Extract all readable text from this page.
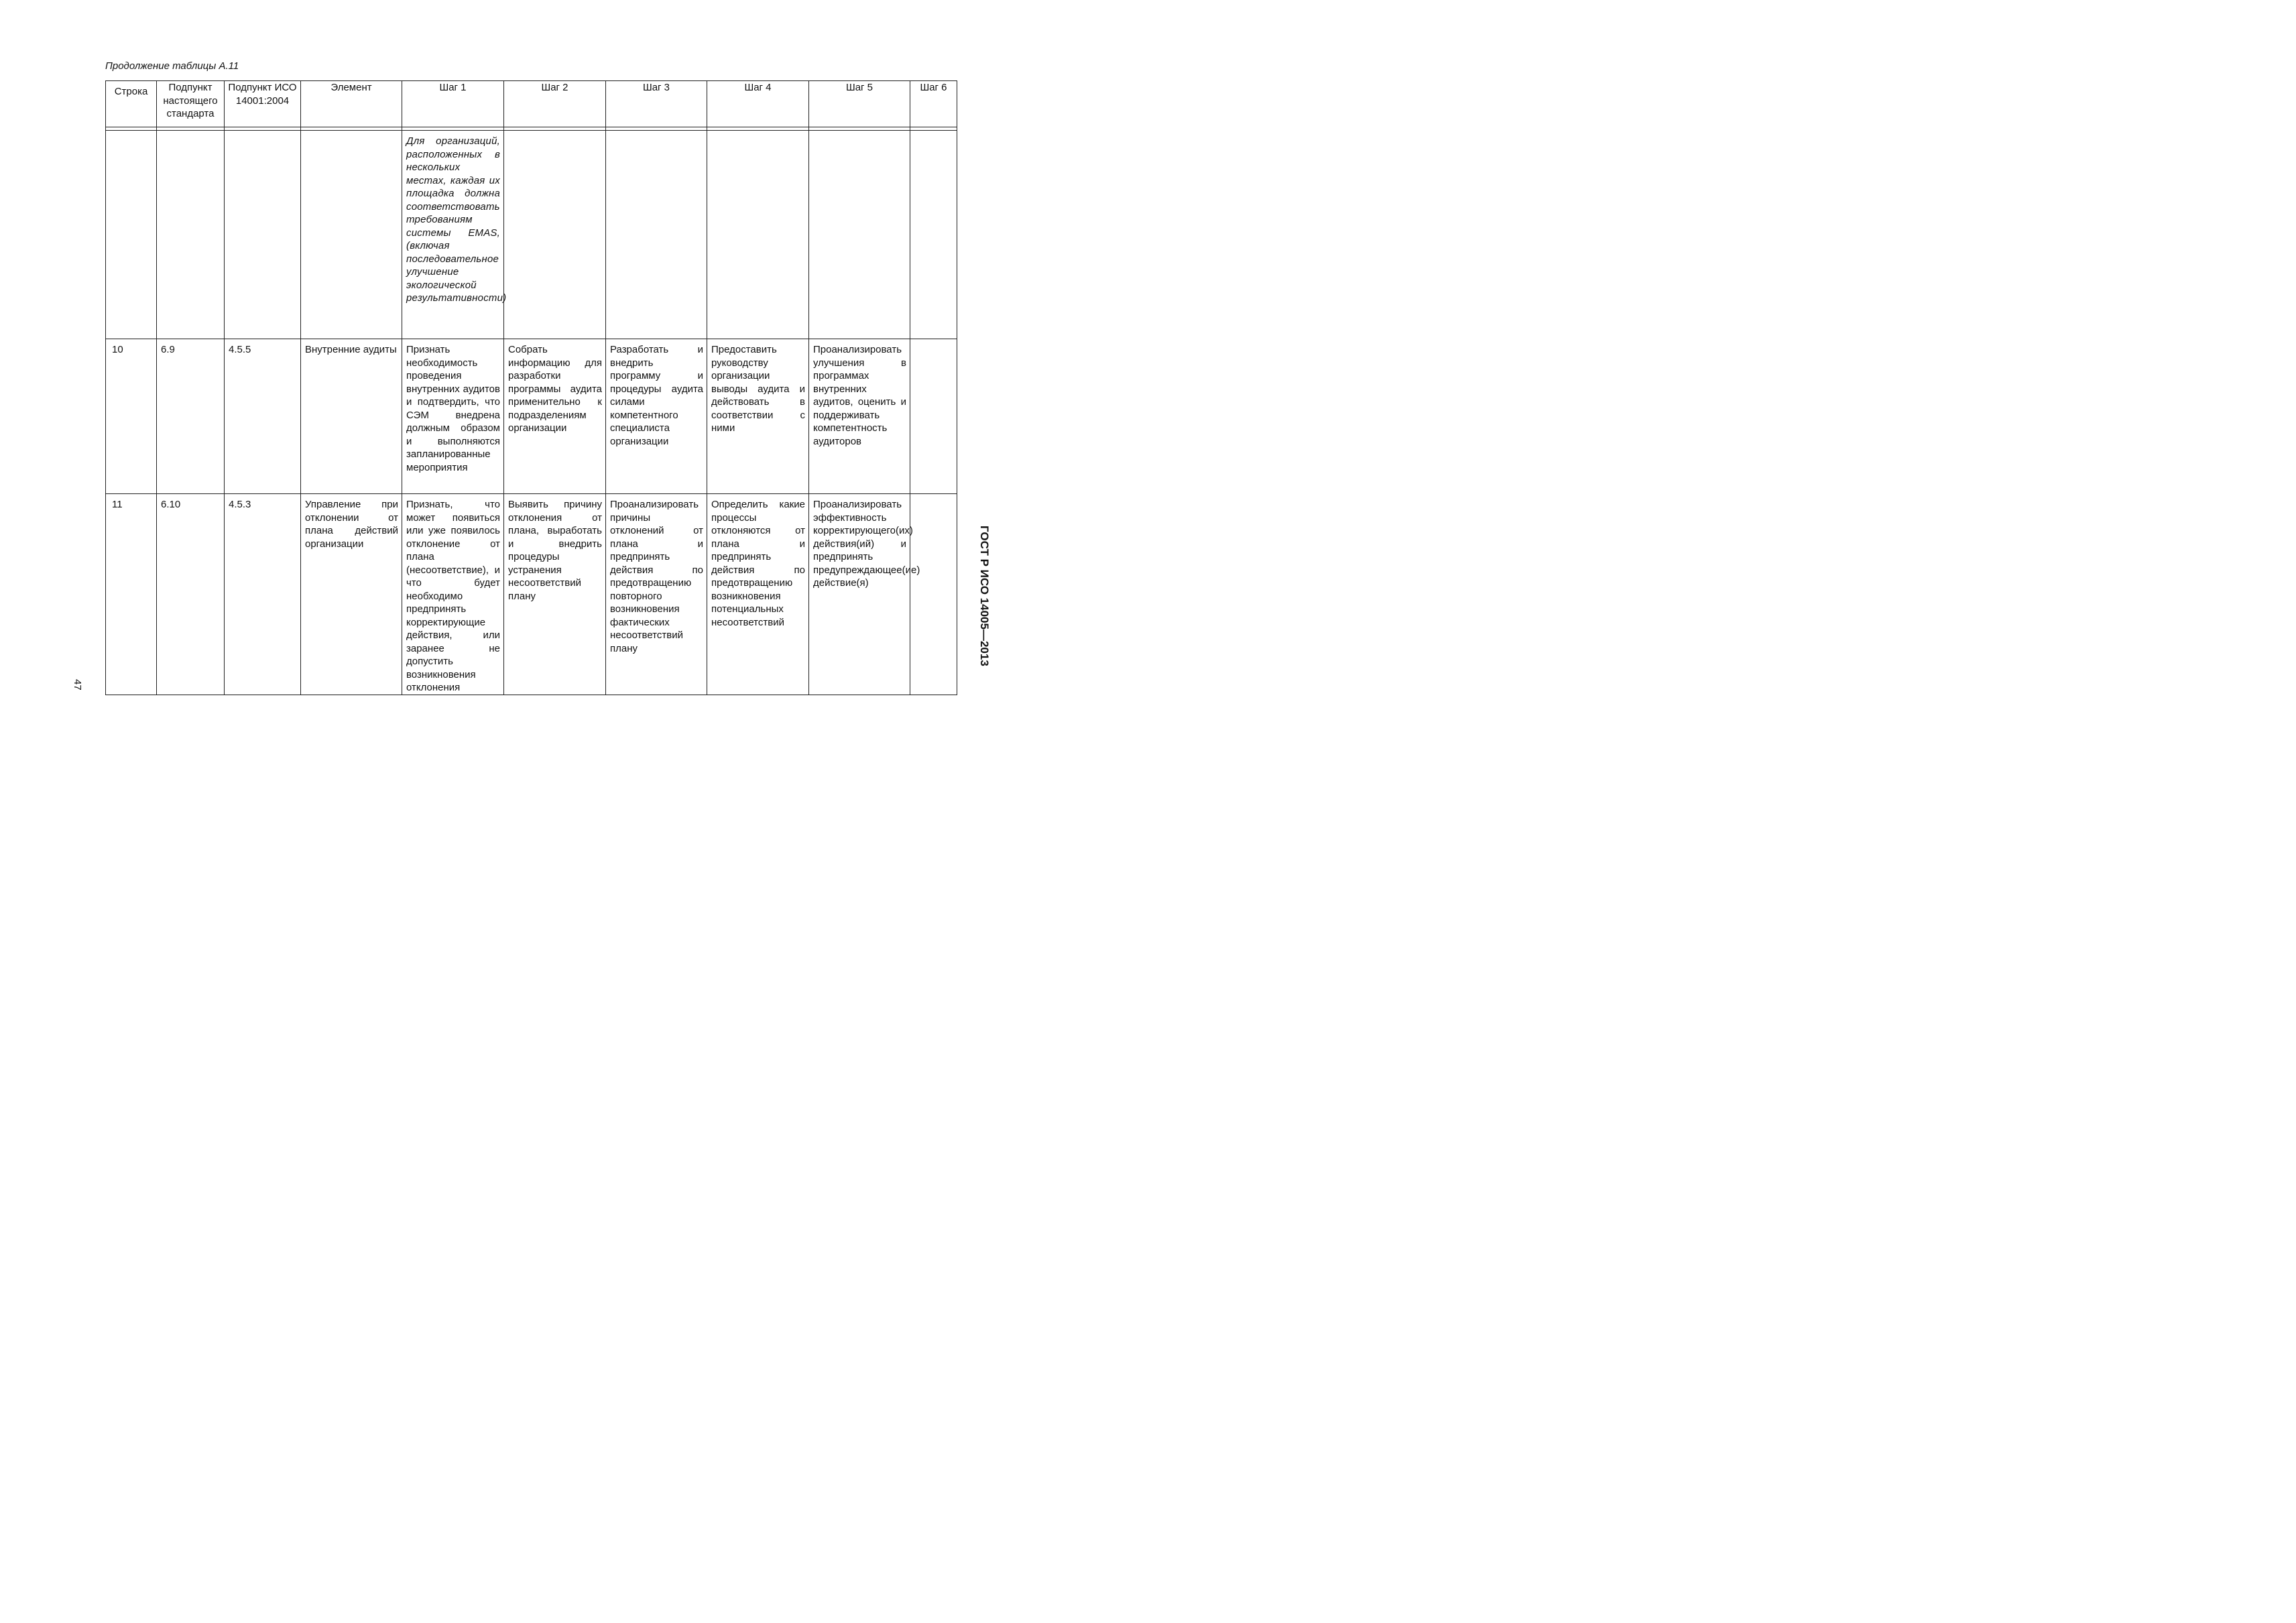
Продолжение таблицы А.11
Строка	Подпункт настоящего стандарта	Подпункт ИСО 14001:2004	Элемент	Шаг 1	Шаг 2	Шаг 3	Шаг 4	Шаг 5	Шаг 6

				Для организаций, расположенных в нескольких местах, каждая их площадка должна соответствовать требованиям системы EMAS, (включая последовательное улучшение экологической результативности)					

10	6.9	4.5.5	Внутренние аудиты	Признать необходимость проведения внутренних аудитов и подтвердить, что СЭМ внедрена должным образом и выполняются запланированные мероприятия	Собрать информацию для разработки программы аудита применительно к подразделениям организации	Разработать и внедрить программу и процедуры аудита силами компетентного специалиста организации	Предоставить руководству организации выводы аудита и действовать в соответствии с ними	Проанализировать улучшения в программах внутренних аудитов, оценить и поддерживать компетентность аудиторов	

11	6.10	4.5.3	Управление при отклонении от плана действий организации	Признать, что может появиться или уже появилось отклонение от плана (несоответствие), и что будет необходимо предпринять корректирующие действия, или заранее не допустить возникновения отклонения	Выявить причину отклонения от плана, выработать и внедрить процедуры устранения несоответствий плану	Проанализировать причины отклонений от плана и предпринять действия по предотвращению повторного возникновения фактических несоответствий плану	Определить какие процессы отклоняются от плана и предпринять действия по предотвращению возникновения потенциальных несоответствий	Проанализировать эффективность корректирующего(их) действия(ий) и предпринять предупреждающее(ие) действие(я)	
		ГОСТ Р ИСО 14005—2013
47
